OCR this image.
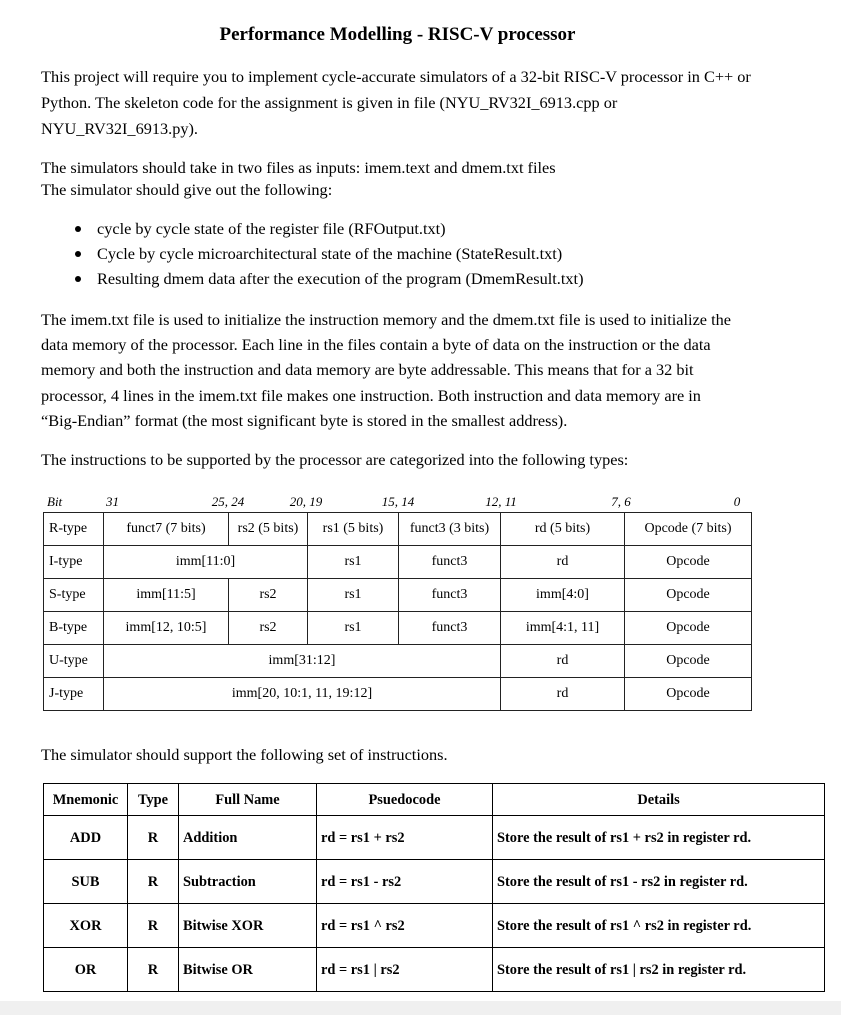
Performance Modelling - RISC-V processor
This project will require you to implement cycle-accurate simulators of a 32-bit RISC-V processor in C++ or
Python. The skeleton code for the assignment is given in file (NYU_RV32I_6913.cpp or
NYU_RV32I_6913.py).
The simulators should take in two files as inputs: imem.text and dmem.txt files
The simulator should give out the following:
cycle by cycle state of the register file (RFOutput.txt)
Cycle by cycle microarchitectural state of the machine (StateResult.txt)
Resulting dmem data after the execution of the program (DmemResult.txt)
The imem.txt file is used to initialize the instruction memory and the dmem.txt file is used to initialize the
data memory of the processor. Each line in the files contain a byte of data on the instruction or the data
memory and both the instruction and data memory are byte addressable. This means that for a 32 bit
processor, 4 lines in the imem.txt file makes one instruction. Both instruction and data memory are in
“Big-Endian” format (the most significant byte is stored in the smallest address).
The instructions to be supported by the processor are categorized into the following types:
Bit	31	25, 24	20, 19	15, 14	12, 11	7, 6	0
R-type	funct7 (7 bits)	rs2 (5 bits)	rs1 (5 bits)	funct3 (3 bits)	rd (5 bits)	Opcode (7 bits)
I-type	imm[11:0]		rs1	funct3	rd	Opcode
S-type	imm[11:5]	rs2	rs1	funct3	imm[4:0]	Opcode
B-type	imm[12, 10:5]	rs2	rs1	funct3	imm[4:1, 11]	Opcode
U-type	imm[31:12]				rd	Opcode
J-type	imm[20, 10:1, 11, 19:12]				rd	Opcode
The simulator should support the following set of instructions.
Mnemonic	Type	Full Name	Psuedocode	Details
ADD	R	Addition	rd = rs1 + rs2	Store the result of rs1 + rs2 in register rd.
SUB	R	Subtraction	rd = rs1 - rs2	Store the result of rs1 - rs2 in register rd.
XOR	R	Bitwise XOR	rd = rs1 ^ rs2	Store the result of rs1 ^ rs2 in register rd.
OR	R	Bitwise OR	rd = rs1 | rs2	Store the result of rs1 | rs2 in register rd.
